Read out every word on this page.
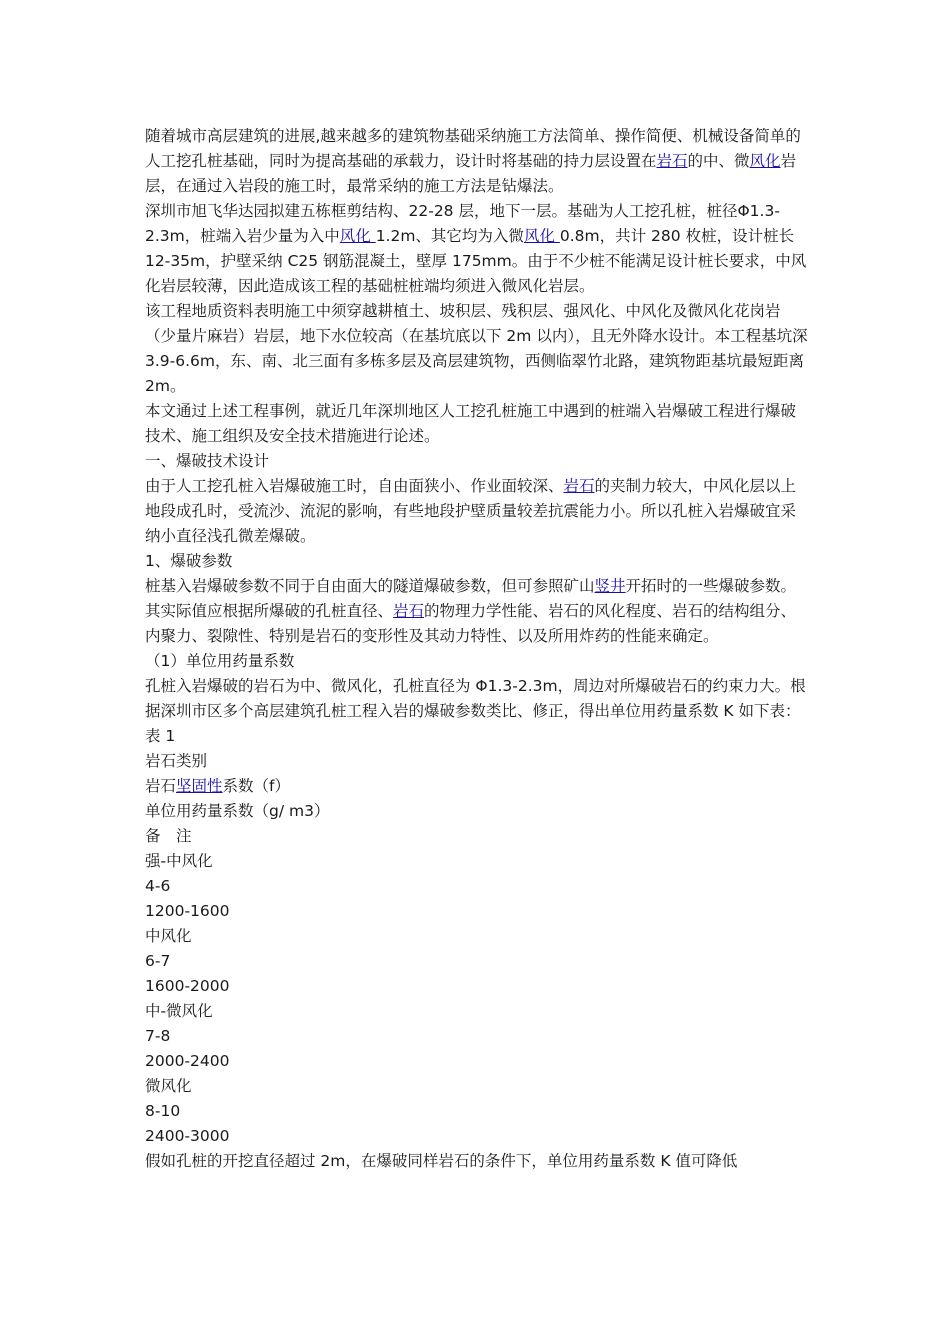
随着城市高层建筑的进展,越来越多的建筑物基础采纳施工方法简单、操作简便、机械设备简单的人工挖孔桩基础，同时为提高基础的承载力，设计时将基础的持力层设置在岩石的中、微风化岩层，在通过入岩段的施工时，最常采纳的施工方法是钻爆法。

深圳市旭飞华达园拟建五栋框剪结构、22-28 层，地下一层。基础为人工挖孔桩，桩径Φ1.3-2.3m，桩端入岩少量为入中风化 1.2m、其它均为入微风化 0.8m，共计 280 枚桩，设计桩长 12-35m，护壁采纳 C25 钢筋混凝土，壁厚 175mm。由于不少桩不能满足设计桩长要求，中风化岩层较薄，因此造成该工程的基础桩桩端均须进入微风化岩层。

该工程地质资料表明施工中须穿越耕植土、坡积层、残积层、强风化、中风化及微风化花岗岩（少量片麻岩）岩层，地下水位较高（在基坑底以下 2m 以内），且无外降水设计。本工程基坑深 3.9-6.6m，东、南、北三面有多栋多层及高层建筑物，西侧临翠竹北路，建筑物距基坑最短距离 2m。

本文通过上述工程事例，就近几年深圳地区人工挖孔桩施工中遇到的桩端入岩爆破工程进行爆破技术、施工组织及安全技术措施进行论述。

一、爆破技术设计

由于人工挖孔桩入岩爆破施工时，自由面狭小、作业面较深、岩石的夹制力较大，中风化层以上地段成孔时，受流沙、流泥的影响，有些地段护壁质量较差抗震能力小。所以孔桩入岩爆破宜采纳小直径浅孔微差爆破。

1、爆破参数

桩基入岩爆破参数不同于自由面大的隧道爆破参数，但可参照矿山竖井开拓时的一些爆破参数。其实际值应根据所爆破的孔桩直径、岩石的物理力学性能、岩石的风化程度、岩石的结构组分、内聚力、裂隙性、特别是岩石的变形性及其动力特性、以及所用炸药的性能来确定。

（1）单位用药量系数

孔桩入岩爆破的岩石为中、微风化，孔桩直径为 Φ1.3-2.3m，周边对所爆破岩石的约束力大。根据深圳市区多个高层建筑孔桩工程入岩的爆破参数类比、修正，得出单位用药量系数 K 如下表：

表 1
岩石类别
岩石坚固性系数（f）
单位用药量系数（g/ m3）
备　注
强-中风化
4-6
1200-1600
中风化
6-7
1600-2000
中-微风化
7-8
2000-2400
微风化
8-10
2400-3000

假如孔桩的开挖直径超过 2m，在爆破同样岩石的条件下，单位用药量系数 K 值可降低
